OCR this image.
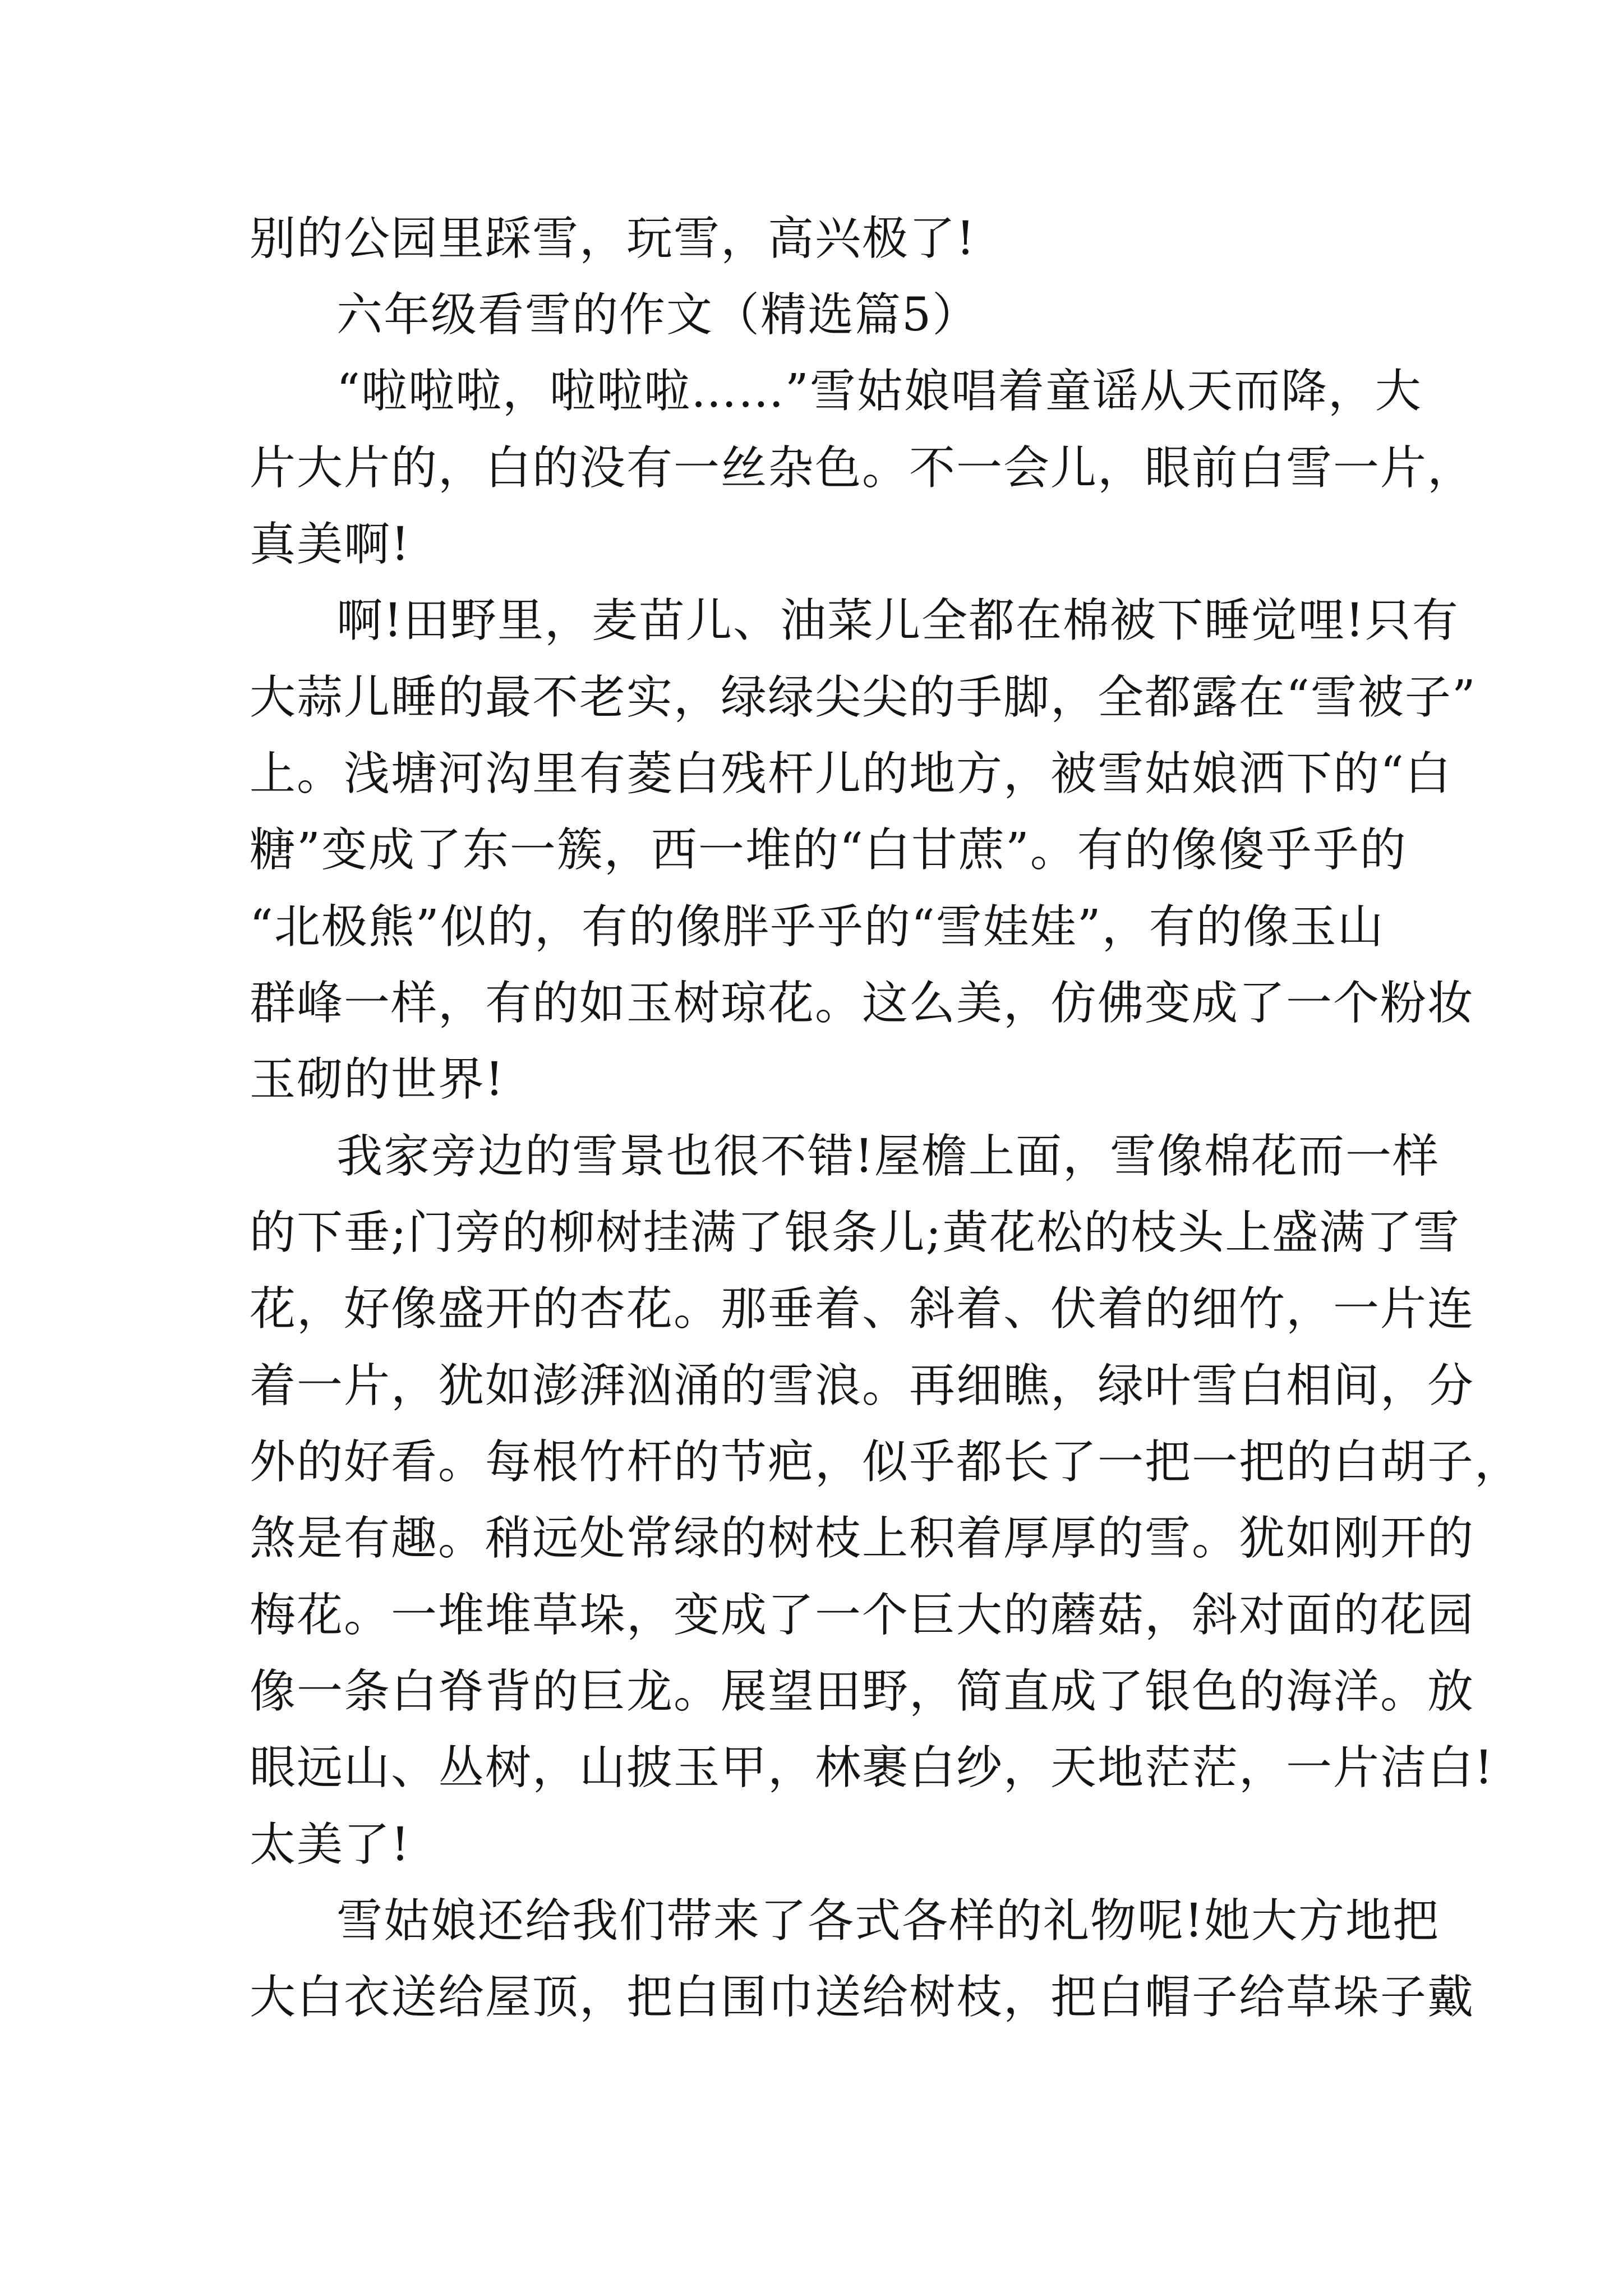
别的公园里踩雪，玩雪，高兴极了!
六年级看雪的作文（精选篇5）
“啦啦啦，啦啦啦……”雪姑娘唱着童谣从天而降，大
片大片的，白的没有一丝杂色。不一会儿，眼前白雪一片，
真美啊!
啊!田野里，麦苗儿、油菜儿全都在棉被下睡觉哩!只有
大蒜儿睡的最不老实，绿绿尖尖的手脚，全都露在“雪被子”
上。浅塘河沟里有菱白残杆儿的地方，被雪姑娘洒下的“白
糖”变成了东一簇，西一堆的“白甘蔗”。有的像傻乎乎的
“北极熊”似的，有的像胖乎乎的“雪娃娃”，有的像玉山
群峰一样，有的如玉树琼花。这么美，仿佛变成了一个粉妆
玉砌的世界!
我家旁边的雪景也很不错!屋檐上面，雪像棉花而一样
的下垂;门旁的柳树挂满了银条儿;黄花松的枝头上盛满了雪
花，好像盛开的杏花。那垂着、斜着、伏着的细竹，一片连
着一片，犹如澎湃汹涌的雪浪。再细瞧，绿叶雪白相间，分
外的好看。每根竹杆的节疤，似乎都长了一把一把的白胡子，
煞是有趣。稍远处常绿的树枝上积着厚厚的雪。犹如刚开的
梅花。一堆堆草垛，变成了一个巨大的蘑菇，斜对面的花园
像一条白脊背的巨龙。展望田野，简直成了银色的海洋。放
眼远山、丛树，山披玉甲，林裹白纱，天地茫茫，一片洁白!
太美了!
雪姑娘还给我们带来了各式各样的礼物呢!她大方地把
大白衣送给屋顶，把白围巾送给树枝，把白帽子给草垛子戴
